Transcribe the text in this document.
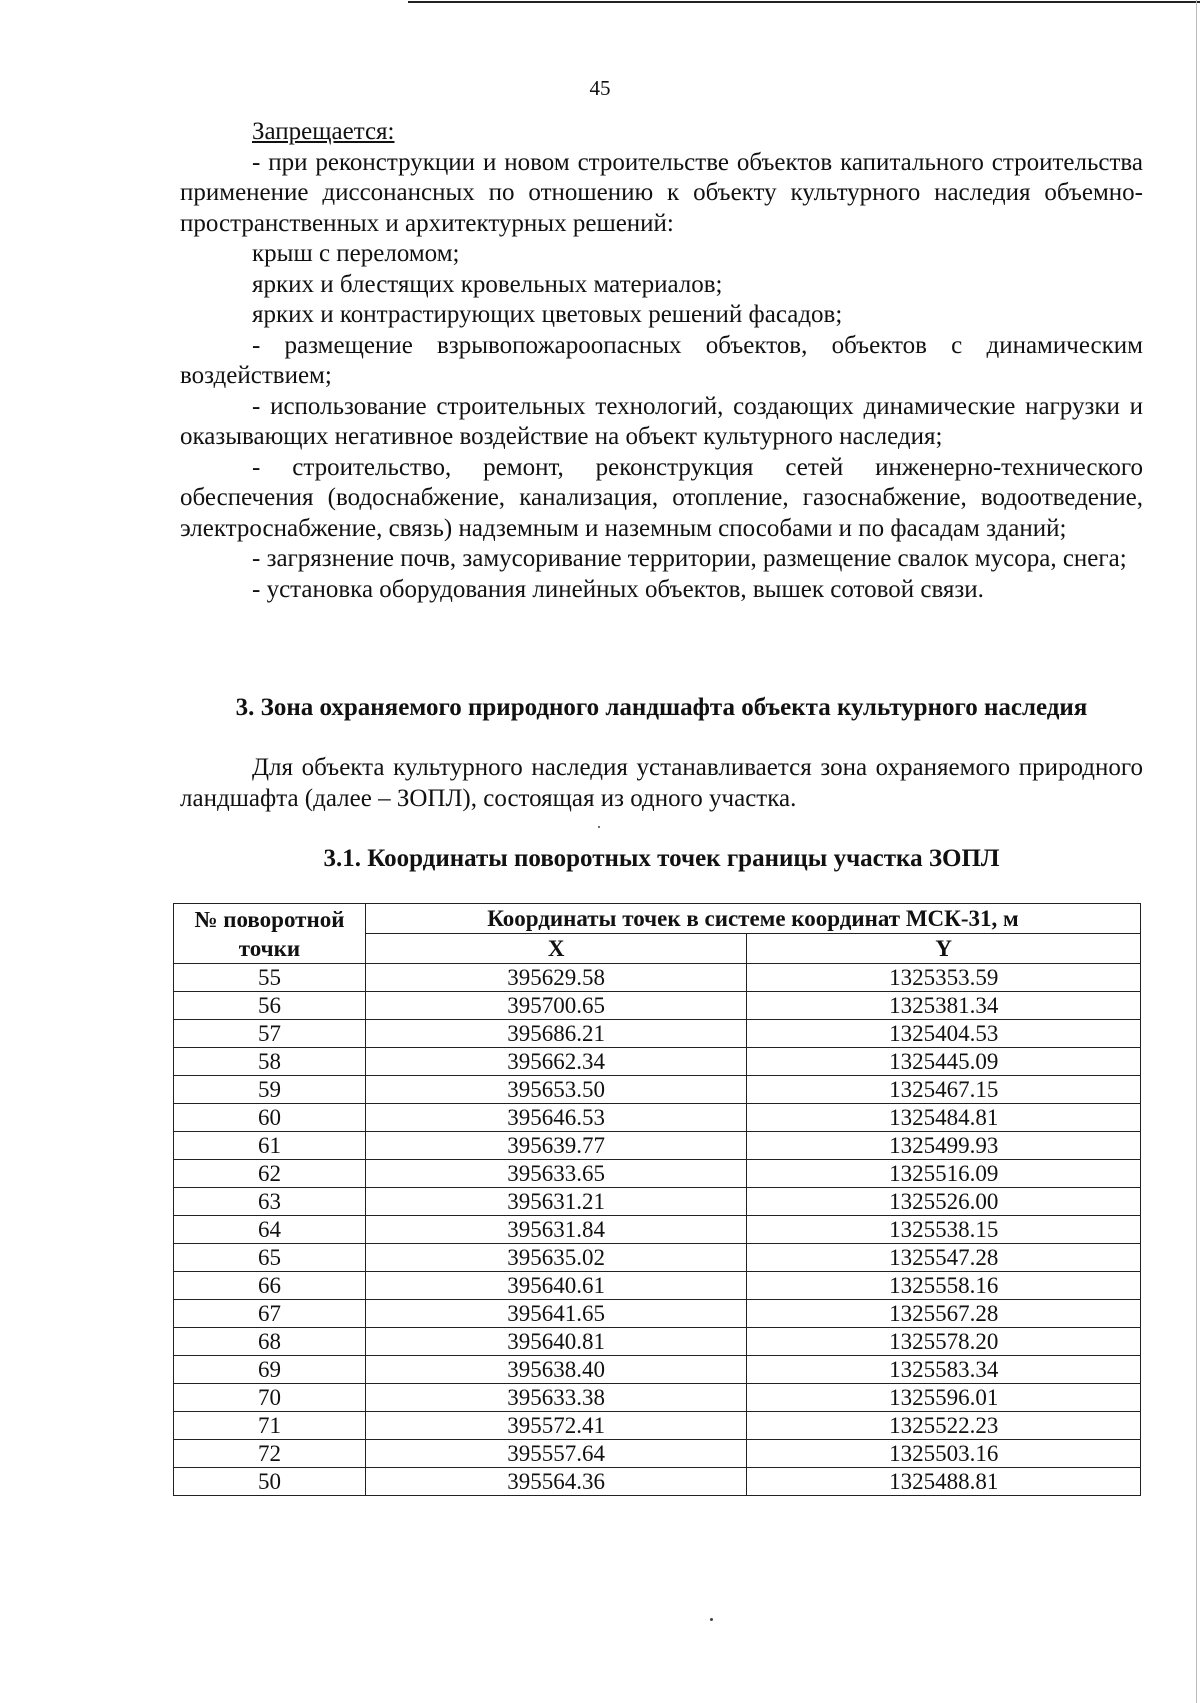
45
Запрещается:
- при реконструкции и новом строительстве объектов капитального строительства применение диссонансных по отношению к объекту культурного наследия объемно-пространственных и архитектурных решений:
крыш с переломом;
ярких и блестящих кровельных материалов;
ярких и контрастирующих цветовых решений фасадов;
- размещение взрывопожароопасных объектов, объектов с динамическим воздействием;
- использование строительных технологий, создающих динамические нагрузки и оказывающих негативное воздействие на объект культурного наследия;
- строительство, ремонт, реконструкция сетей инженерно-технического обеспечения (водоснабжение, канализация, отопление, газоснабжение, водоотведение, электроснабжение, связь) надземным и наземным способами и по фасадам зданий;
- загрязнение почв, замусоривание территории, размещение свалок мусора, снега;
- установка оборудования линейных объектов, вышек сотовой связи.
3. Зона охраняемого природного ландшафта объекта культурного наследия
Для объекта культурного наследия устанавливается зона охраняемого природного ландшафта (далее – ЗОПЛ), состоящая из одного участка.
3.1. Координаты поворотных точек границы участка ЗОПЛ
№ поворотной точки	Координаты точек в системе координат МСК-31, м	
	X	Y
55	395629.58	1325353.59
56	395700.65	1325381.34
57	395686.21	1325404.53
58	395662.34	1325445.09
59	395653.50	1325467.15
60	395646.53	1325484.81
61	395639.77	1325499.93
62	395633.65	1325516.09
63	395631.21	1325526.00
64	395631.84	1325538.15
65	395635.02	1325547.28
66	395640.61	1325558.16
67	395641.65	1325567.28
68	395640.81	1325578.20
69	395638.40	1325583.34
70	395633.38	1325596.01
71	395572.41	1325522.23
72	395557.64	1325503.16
50	395564.36	1325488.81
